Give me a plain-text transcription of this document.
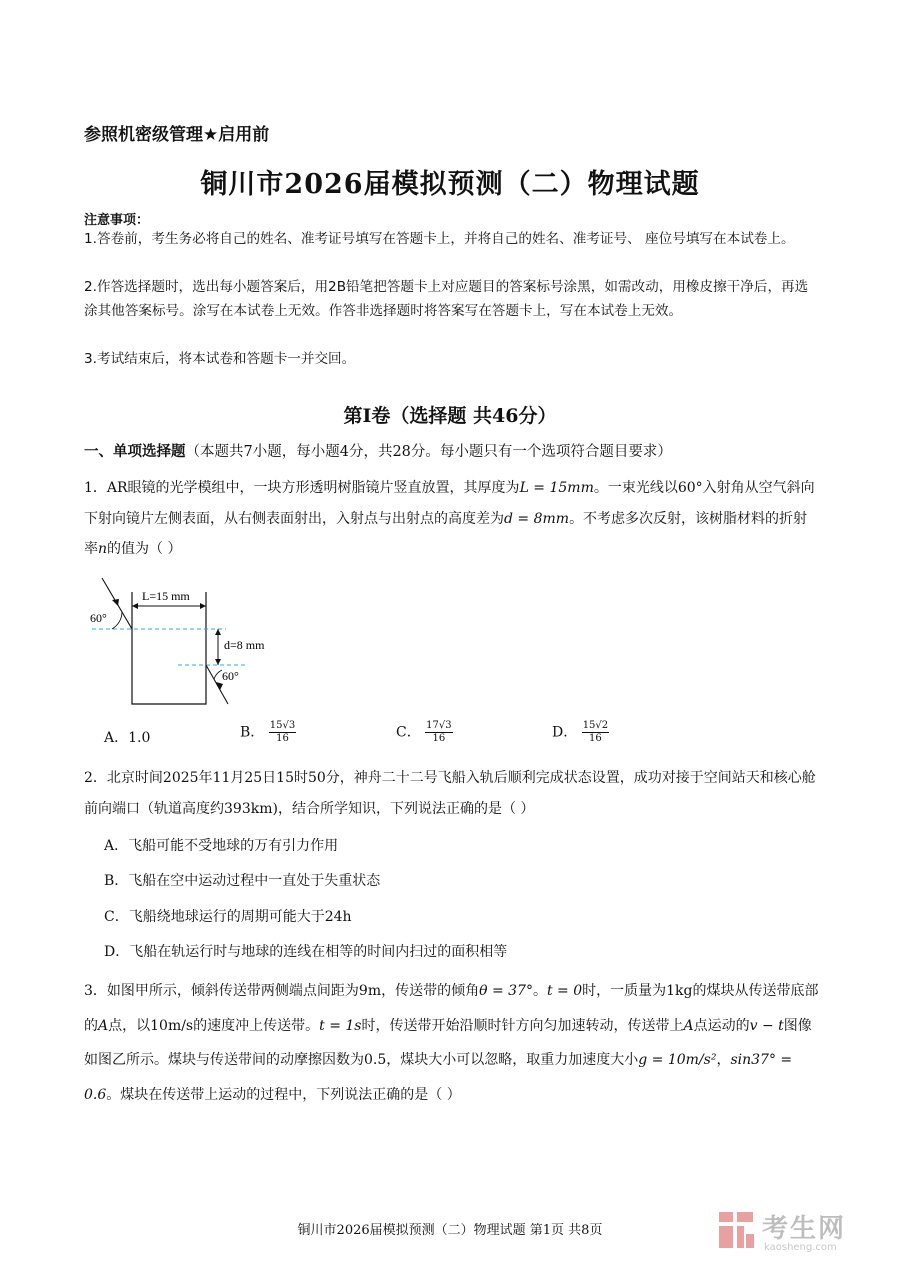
参照机密级管理★启用前
铜川市2026届模拟预测（二）物理试题
注意事项：
1.答卷前，考生务必将自己的姓名、准考证号填写在答题卡上，并将自己的姓名、准考证号、 座位号填写在本试卷上。
2.作答选择题时，选出每小题答案后，用2B铅笔把答题卡上对应题目的答案标号涂黑，如需改动，用橡皮擦干净后，再选涂其他答案标号。涂写在本试卷上无效。作答非选择题时将答案写在答题卡上，写在本试卷上无效。
3.考试结束后，将本试卷和答题卡一并交回。
第Ⅰ卷（选择题 共46分）
一、单项选择题（本题共7小题，每小题4分，共28分。每小题只有一个选项符合题目要求）
1．AR眼镜的光学模组中，一块方形透明树脂镜片竖直放置，其厚度为L = 15mm。一束光线以60°入射角从空气斜向下射向镜片左侧表面，从右侧表面射出，入射点与出射点的高度差为d = 8mm。不考虑多次反射，该树脂材料的折射率n的值为（ ）
L=15 mm
60°
60°
d=8 mm
A．1.0	B． $\frac{15√3}{16}$	C． $\frac{17√3}{16}$	D． $\frac{15√2}{16}$
2．北京时间2025年11月25日15时50分，神舟二十二号飞船入轨后顺利完成状态设置，成功对接于空间站天和核心舱前向端口（轨道高度约393km)，结合所学知识，下列说法正确的是（ ）
A．飞船可能不受地球的万有引力作用
B．飞船在空中运动过程中一直处于失重状态
C．飞船绕地球运行的周期可能大于24h
D．飞船在轨运行时与地球的连线在相等的时间内扫过的面积相等
3．如图甲所示，倾斜传送带两侧端点间距为9m，传送带的倾角θ = 37°。t = 0时，一质量为1kg的煤块从传送带底部的A点，以10m/s的速度冲上传送带。t = 1s时，传送带开始沿顺时针方向匀加速转动，传送带上A点运动的v − t图像如图乙所示。煤块与传送带间的动摩擦因数为0.5，煤块大小可以忽略，取重力加速度大小g = 10m/s²，sin37° = 0.6。煤块在传送带上运动的过程中，下列说法正确的是（ ）
铜川市2026届模拟预测（二）物理试题 第1页 共8页	考生网
kaosheng.com
